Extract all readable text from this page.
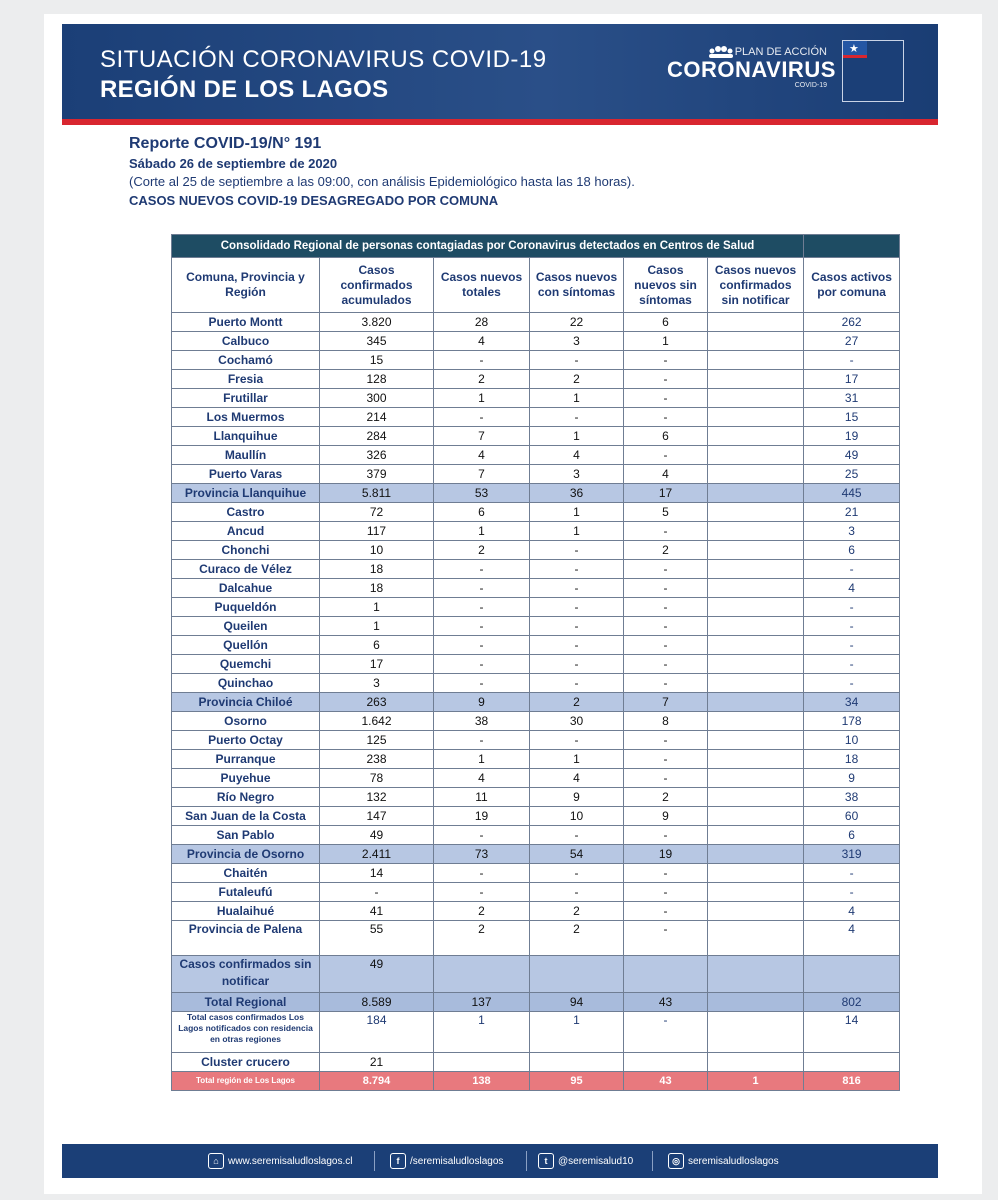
SITUACIÓN CORONAVIRUS COVID-19
REGIÓN DE LOS LAGOS
PLAN DE ACCIÓN
CORONAVIRUS
COVID-19
★
Reporte COVID-19/N° 191
Sábado 26 de septiembre de 2020
(Corte al 25 de septiembre a las 09:00, con análisis Epidemiológico hasta las 18 horas).
CASOS NUEVOS COVID-19 DESAGREGADO POR COMUNA
Consolidado Regional de personas contagiadas por Coronavirus detectados en Centros de Salud						
Comuna, Provincia y Región	Casos confirmados acumulados	Casos nuevos totales	Casos nuevos con síntomas	Casos nuevos sin síntomas	Casos nuevos confirmados sin notificar	Casos activos por comuna
Puerto Montt	3.820	28	22	6		262
Calbuco	345	4	3	1		27
Cochamó	15	-	-	-		-
Fresia	128	2	2	-		17
Frutillar	300	1	1	-		31
Los Muermos	214	-	-	-		15
Llanquihue	284	7	1	6		19
Maullín	326	4	4	-		49
Puerto Varas	379	7	3	4		25
Provincia Llanquihue	5.811	53	36	17		445
Castro	72	6	1	5		21
Ancud	117	1	1	-		3
Chonchi	10	2	-	2		6
Curaco de Vélez	18	-	-	-		-
Dalcahue	18	-	-	-		4
Puqueldón	1	-	-	-		-
Queilen	1	-	-	-		-
Quellón	6	-	-	-		-
Quemchi	17	-	-	-		-
Quinchao	3	-	-	-		-
Provincia Chiloé	263	9	2	7		34
Osorno	1.642	38	30	8		178
Puerto Octay	125	-	-	-		10
Purranque	238	1	1	-		18
Puyehue	78	4	4	-		9
Río Negro	132	11	9	2		38
San Juan de la Costa	147	19	10	9		60
San Pablo	49	-	-	-		6
Provincia de Osorno	2.411	73	54	19		319
Chaitén	14	-	-	-		-
Futaleufú	-	-	-	-		-
Hualaihué	41	2	2	-		4
Provincia de Palena	55	2	2	-		4
Casos confirmados sin notificar	49					
Total Regional	8.589	137	94	43		802
Total casos confirmados Los Lagos notificados con residencia en otras regiones	184	1	1	-		14
Cluster crucero	21					
Total región de Los Lagos	8.794	138	95	43	1	816
⌂ www.seremisaludloslagos.cl	f	/seremisaludloslagos	t	@seremisalud10	◎ seremisaludloslagos
